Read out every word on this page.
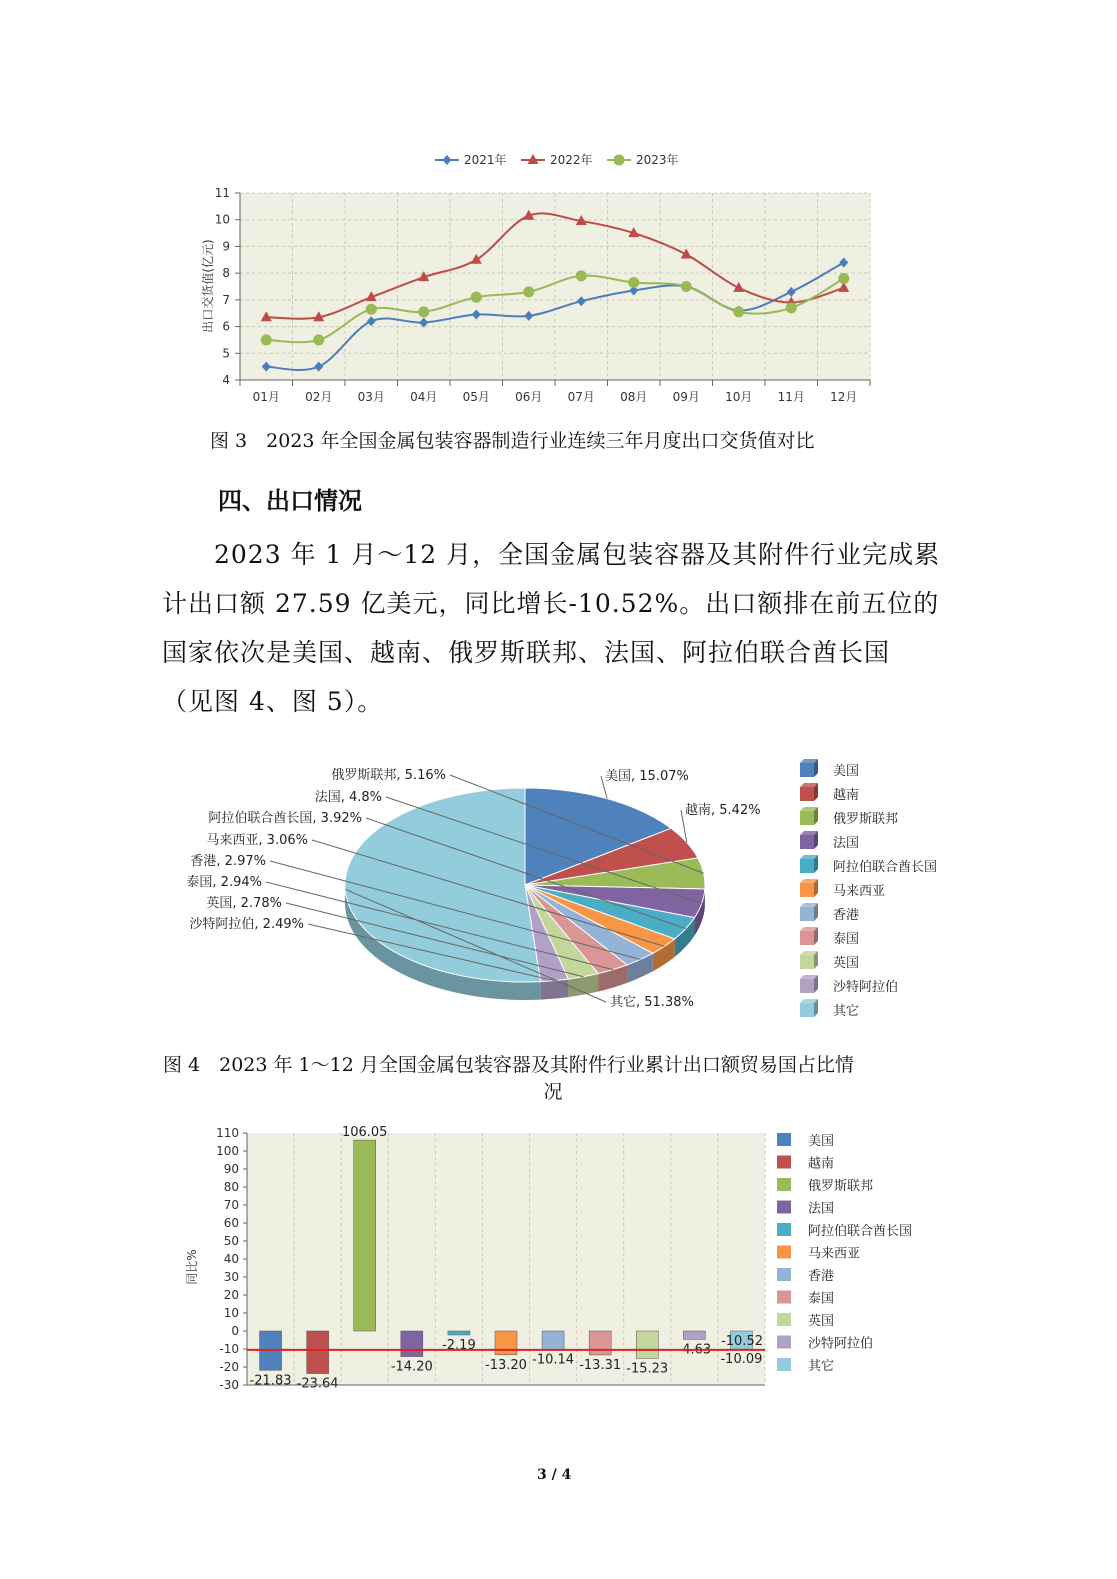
2021年	2022年	2023年
4
5
6
7
8
9
10
11
01月 02月 03月 04月 05月 06月 07月 08月 09月 10月 11月 12月
出口交货值(亿元)
图 3　2023 年全国金属包装容器制造行业连续三年月度出口交货值对比
四、出口情况
2023 年 1 月～12 月，全国金属包装容器及其附件行业完成累
计出口额 27.59 亿美元，同比增长-10.52%。出口额排在前五位的
国家依次是美国、越南、俄罗斯联邦、法国、阿拉伯联合酋长国
（见图 4、图 5）。
美国, 15.07%
越南, 5.42%
俄罗斯联邦, 5.16%
法国, 4.8%
阿拉伯联合酋长国, 3.92%
马来西亚, 3.06%
香港, 2.97%
泰国, 2.94%
英国, 2.78%
沙特阿拉伯, 2.49%
其它, 51.38%
美国
越南
俄罗斯联邦
法国
阿拉伯联合酋长国
马来西亚
香港
泰国
英国
沙特阿拉伯
其它
图 4　2023 年 1～12 月全国金属包装容器及其附件行业累计出口额贸易国占比情
况
-21.83 -23.64
106.05
-14.20
-2.19
-13.20 -10.14 -13.31 -15.23
-4.63
-10.09
-10.52
-30
-20
-10
0
10
20
30
40
50
60
70
80
90
100
110
美国
越南
俄罗斯联邦
法国
阿拉伯联合酋长国
马来西亚
香港
泰国
英国
沙特阿拉伯
其它
同比%
3 / 4
